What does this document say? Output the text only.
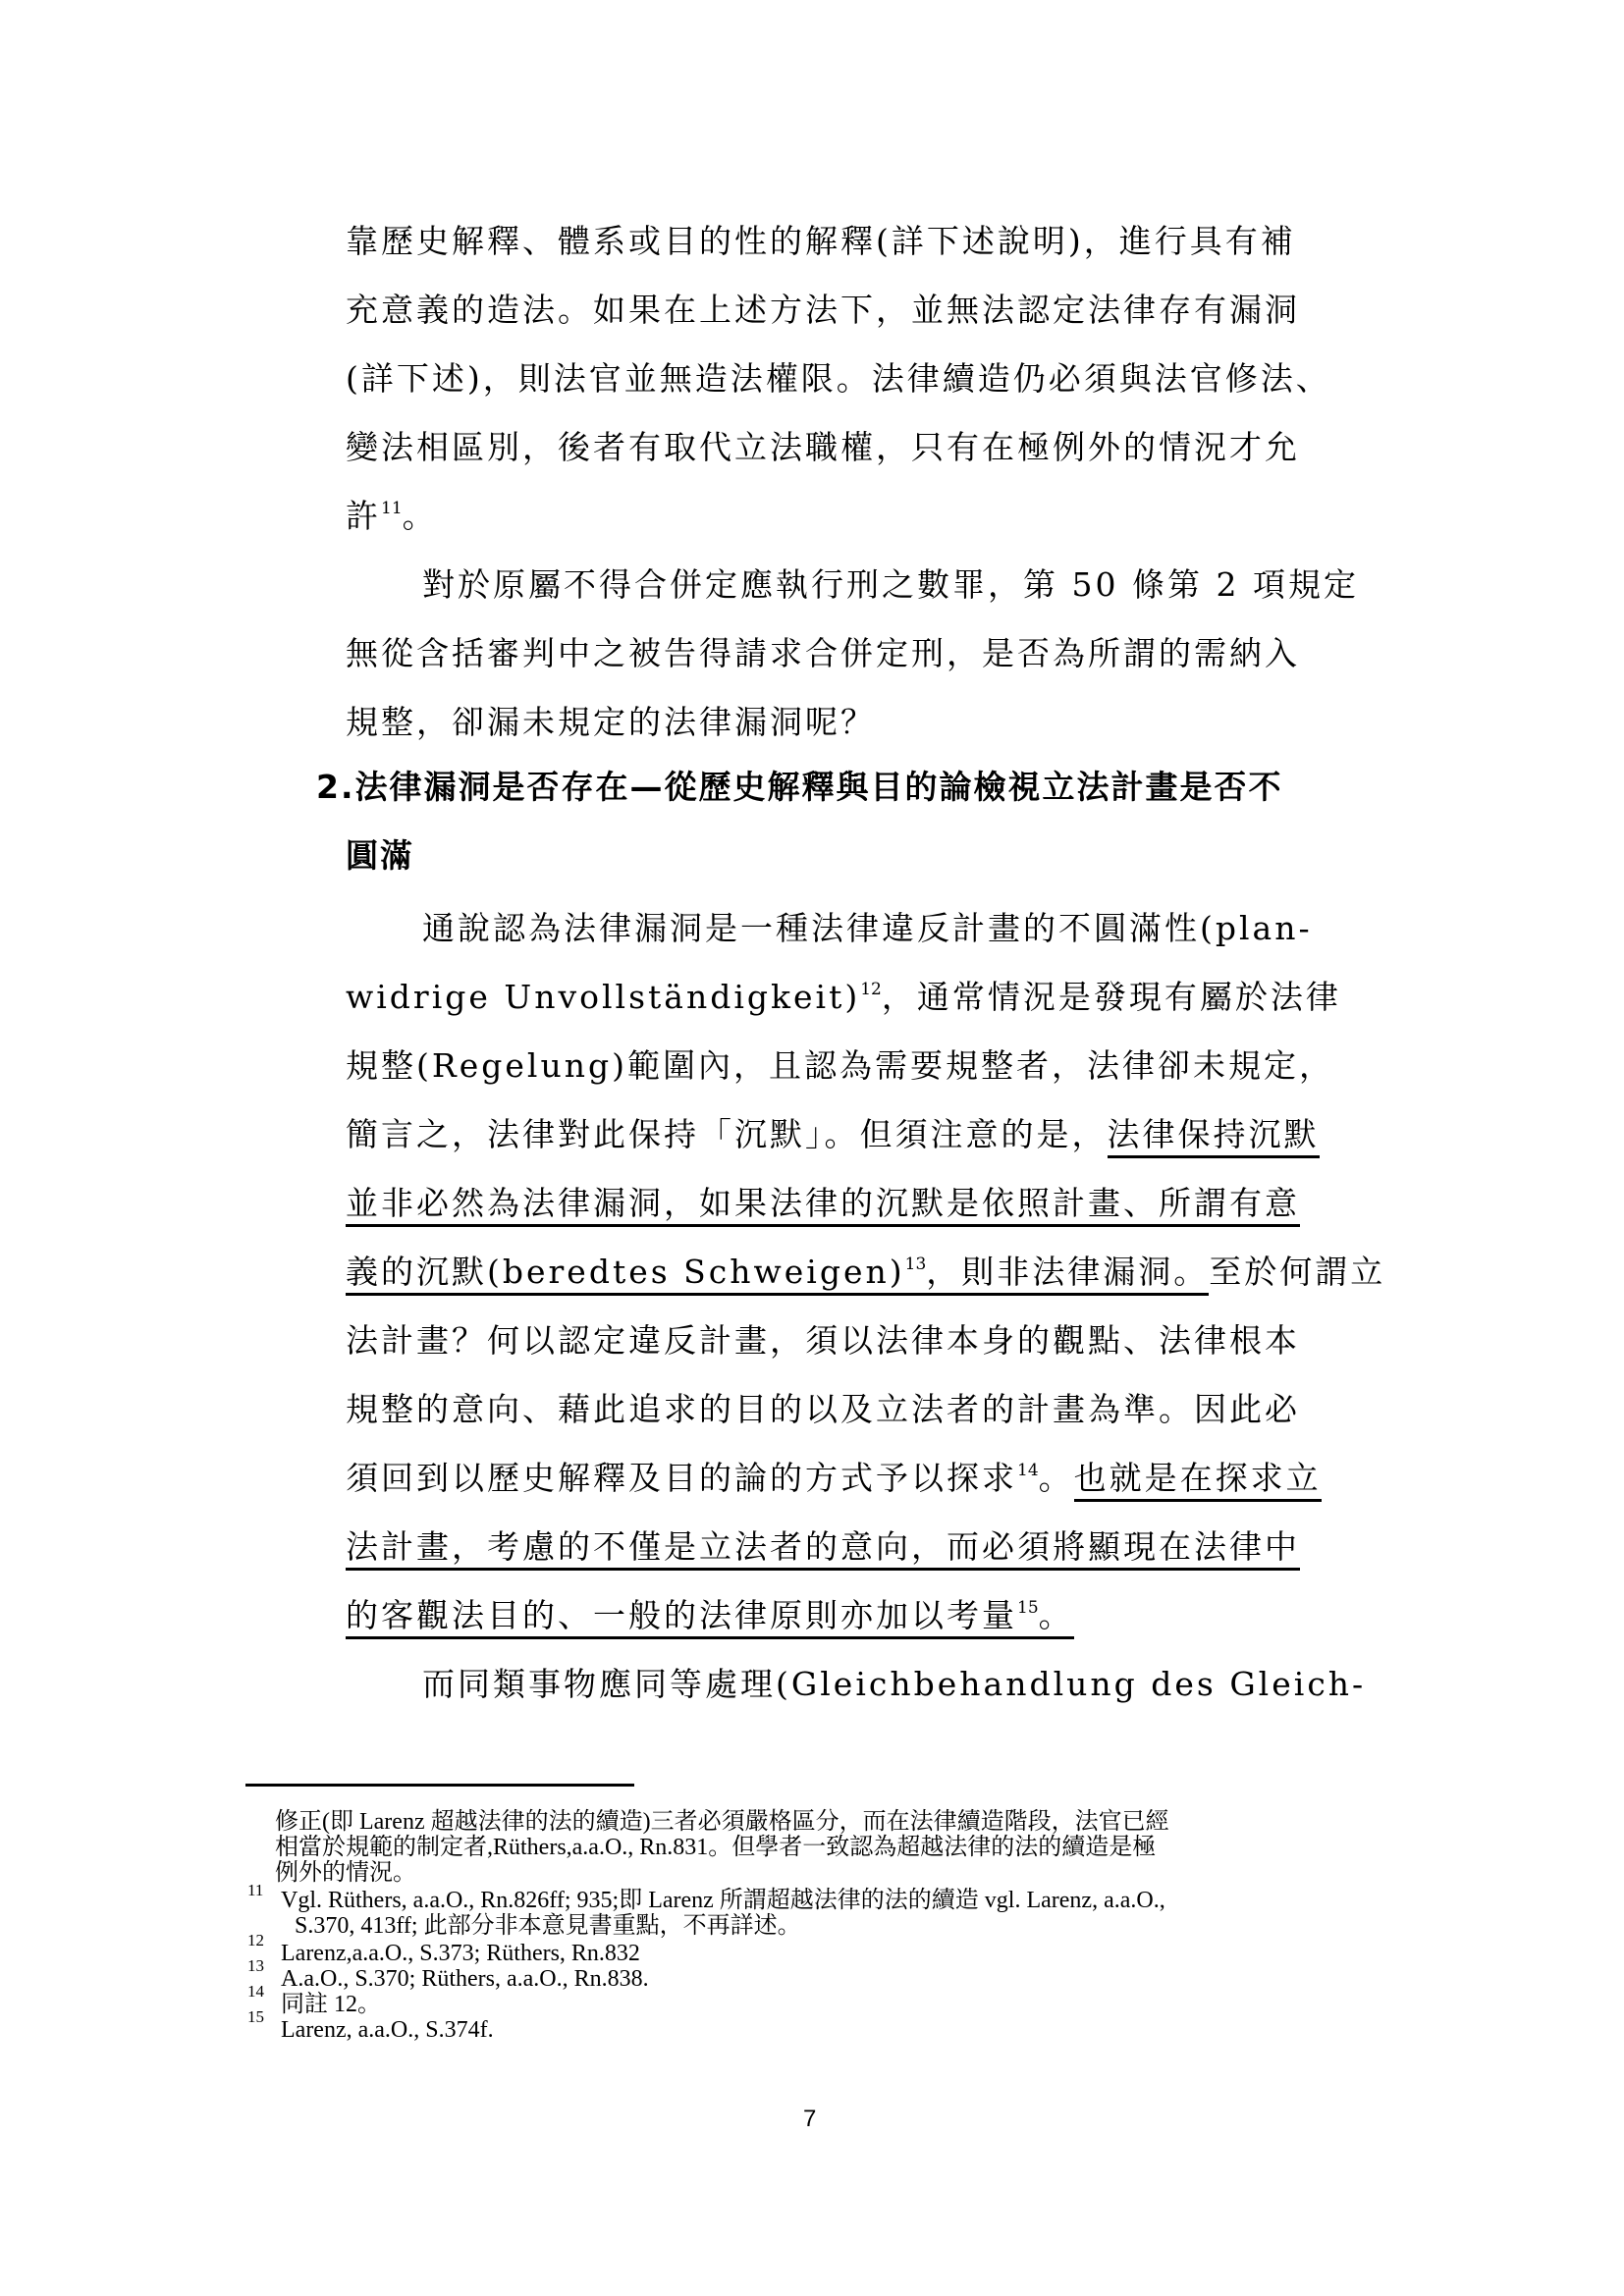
靠歷史解釋、體系或目的性的解釋(詳下述說明)，進行具有補
充意義的造法。如果在上述方法下，並無法認定法律存有漏洞
(詳下述)，則法官並無造法權限。法律續造仍必須與法官修法、
變法相區別，後者有取代立法職權，只有在極例外的情況才允
許$^{11}$。
對於原屬不得合併定應執行刑之數罪，第 50 條第 2 項規定
無從含括審判中之被告得請求合併定刑，是否為所謂的需納入
規整，卻漏未規定的法律漏洞呢？
2.法律漏洞是否存在—從歷史解釋與目的論檢視立法計畫是否不
圓滿
通說認為法律漏洞是一種法律違反計畫的不圓滿性(plan-
widrige Unvollständigkeit)$^{12}$，通常情況是發現有屬於法律
規整(Regelung)範圍內，且認為需要規整者，法律卻未規定，
簡言之，法律對此保持「沉默」。但須注意的是，法律保持沉默
並非必然為法律漏洞，如果法律的沉默是依照計畫、所謂有意
義的沉默(beredtes Schweigen)$^{13}$，則非法律漏洞。至於何謂立
法計畫？何以認定違反計畫，須以法律本身的觀點、法律根本
規整的意向、藉此追求的目的以及立法者的計畫為準。因此必
須回到以歷史解釋及目的論的方式予以探求$^{14}$。也就是在探求立
法計畫，考慮的不僅是立法者的意向，而必須將顯現在法律中
的客觀法目的、一般的法律原則亦加以考量$^{15}$。
而同類事物應同等處理(Gleichbehandlung des Gleich-
修正(即 Larenz 超越法律的法的續造)三者必須嚴格區分，而在法律續造階段，法官已經
相當於規範的制定者,Rüthers,a.a.O., Rn.831。但學者一致認為超越法律的法的續造是極
例外的情況。
11 Vgl. Rüthers, a.a.O., Rn.826ff; 935;即 Larenz 所謂超越法律的法的續造 vgl. Larenz, a.a.O.,
S.370, 413ff; 此部分非本意見書重點，不再詳述。
12
Larenz,a.a.O., S.373; Rüthers, Rn.832
13
A.a.O., S.370; Rüthers, a.a.O., Rn.838.
14
同註 12。
15
Larenz, a.a.O., S.374f.
7
